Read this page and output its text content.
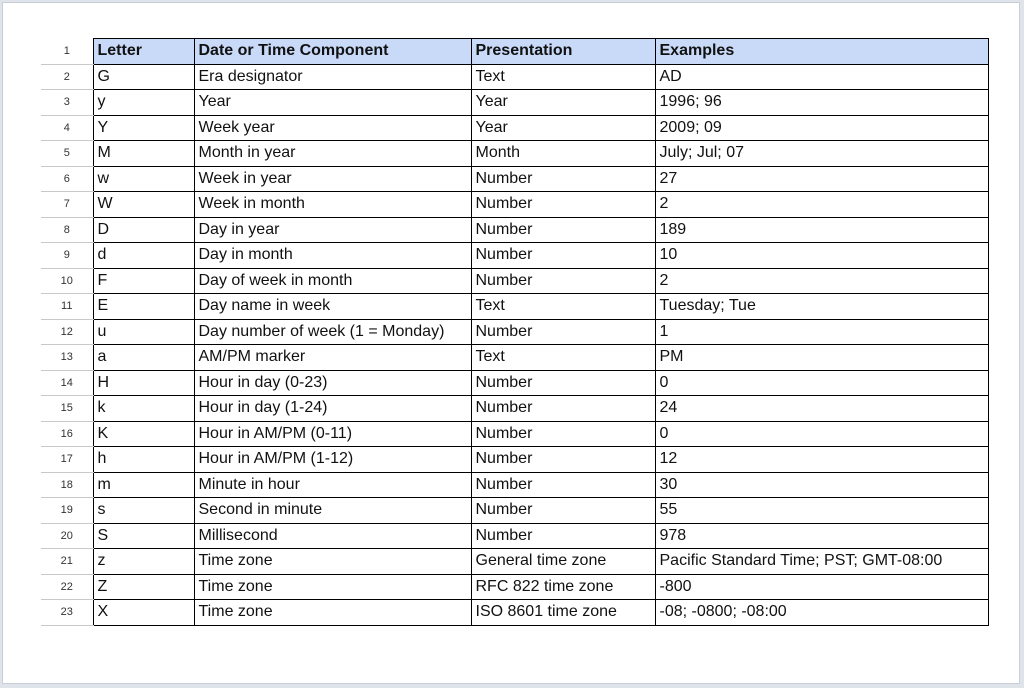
1	Letter	Date or Time Component	Presentation	Examples
2	G	Era designator	Text	AD
3	y	Year	Year	1996; 96
4	Y	Week year	Year	2009; 09
5	M	Month in year	Month	July; Jul; 07
6	w	Week in year	Number	27
7	W	Week in month	Number	2
8	D	Day in year	Number	189
9	d	Day in month	Number	10
10	F	Day of week in month	Number	2
11	E	Day name in week	Text	Tuesday; Tue
12	u	Day number of week (1 = Monday)	Number	1
13	a	AM/PM marker	Text	PM
14	H	Hour in day (0-23)	Number	0
15	k	Hour in day (1-24)	Number	24
16	K	Hour in AM/PM (0-11)	Number	0
17	h	Hour in AM/PM (1-12)	Number	12
18	m	Minute in hour	Number	30
19	s	Second in minute	Number	55
20	S	Millisecond	Number	978
21	z	Time zone	General time zone	Pacific Standard Time; PST; GMT-08:00
22	Z	Time zone	RFC 822 time zone	-800
23	X	Time zone	ISO 8601 time zone	-08; -0800; -08:00
